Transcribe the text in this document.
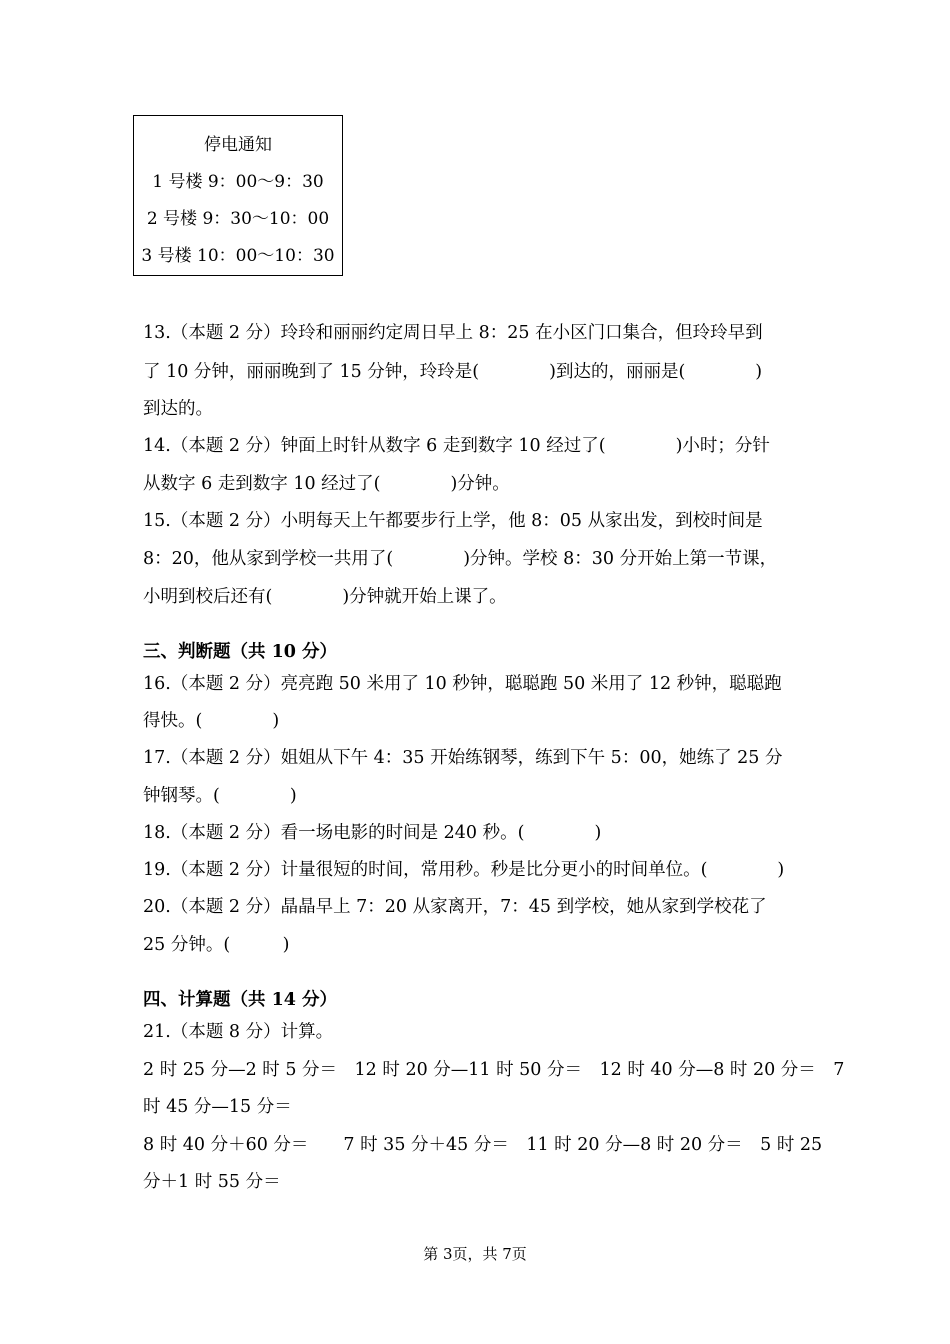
停电通知
1 号楼 9：00～9：30
2 号楼 9：30～10：00
3 号楼 10：00～10：30
13.（本题 2 分）玲玲和丽丽约定周日早上 8：25 在小区门口集合，但玲玲早到
了 10 分钟，丽丽晚到了 15 分钟，玲玲是(　　　　)到达的，丽丽是(　　　　)
到达的。
14.（本题 2 分）钟面上时针从数字 6 走到数字 10 经过了(　　　　)小时；分针
从数字 6 走到数字 10 经过了(　　　　)分钟。
15.（本题 2 分）小明每天上午都要步行上学，他 8：05 从家出发，到校时间是
8：20，他从家到学校一共用了(　　　　)分钟。学校 8：30 分开始上第一节课，
小明到校后还有(　　　　)分钟就开始上课了。
三、判断题（共 10 分）
16.（本题 2 分）亮亮跑 50 米用了 10 秒钟，聪聪跑 50 米用了 12 秒钟，聪聪跑
得快。(　　　　)
17.（本题 2 分）姐姐从下午 4：35 开始练钢琴，练到下午 5：00，她练了 25 分
钟钢琴。(　　　　)
18.（本题 2 分）看一场电影的时间是 240 秒。(　　　　)
19.（本题 2 分）计量很短的时间，常用秒。秒是比分更小的时间单位。(　　　　)
20.（本题 2 分）晶晶早上 7：20 从家离开，7：45 到学校，她从家到学校花了
25 分钟。(　　　)
四、计算题（共 14 分）
21.（本题 8 分）计算。
2 时 25 分—2 时 5 分＝　12 时 20 分—11 时 50 分＝　12 时 40 分—8 时 20 分＝　7
时 45 分—15 分＝
8 时 40 分＋60 分＝　　7 时 35 分＋45 分＝　11 时 20 分—8 时 20 分＝　5 时 25
分＋1 时 55 分＝
第 3页，共 7页
